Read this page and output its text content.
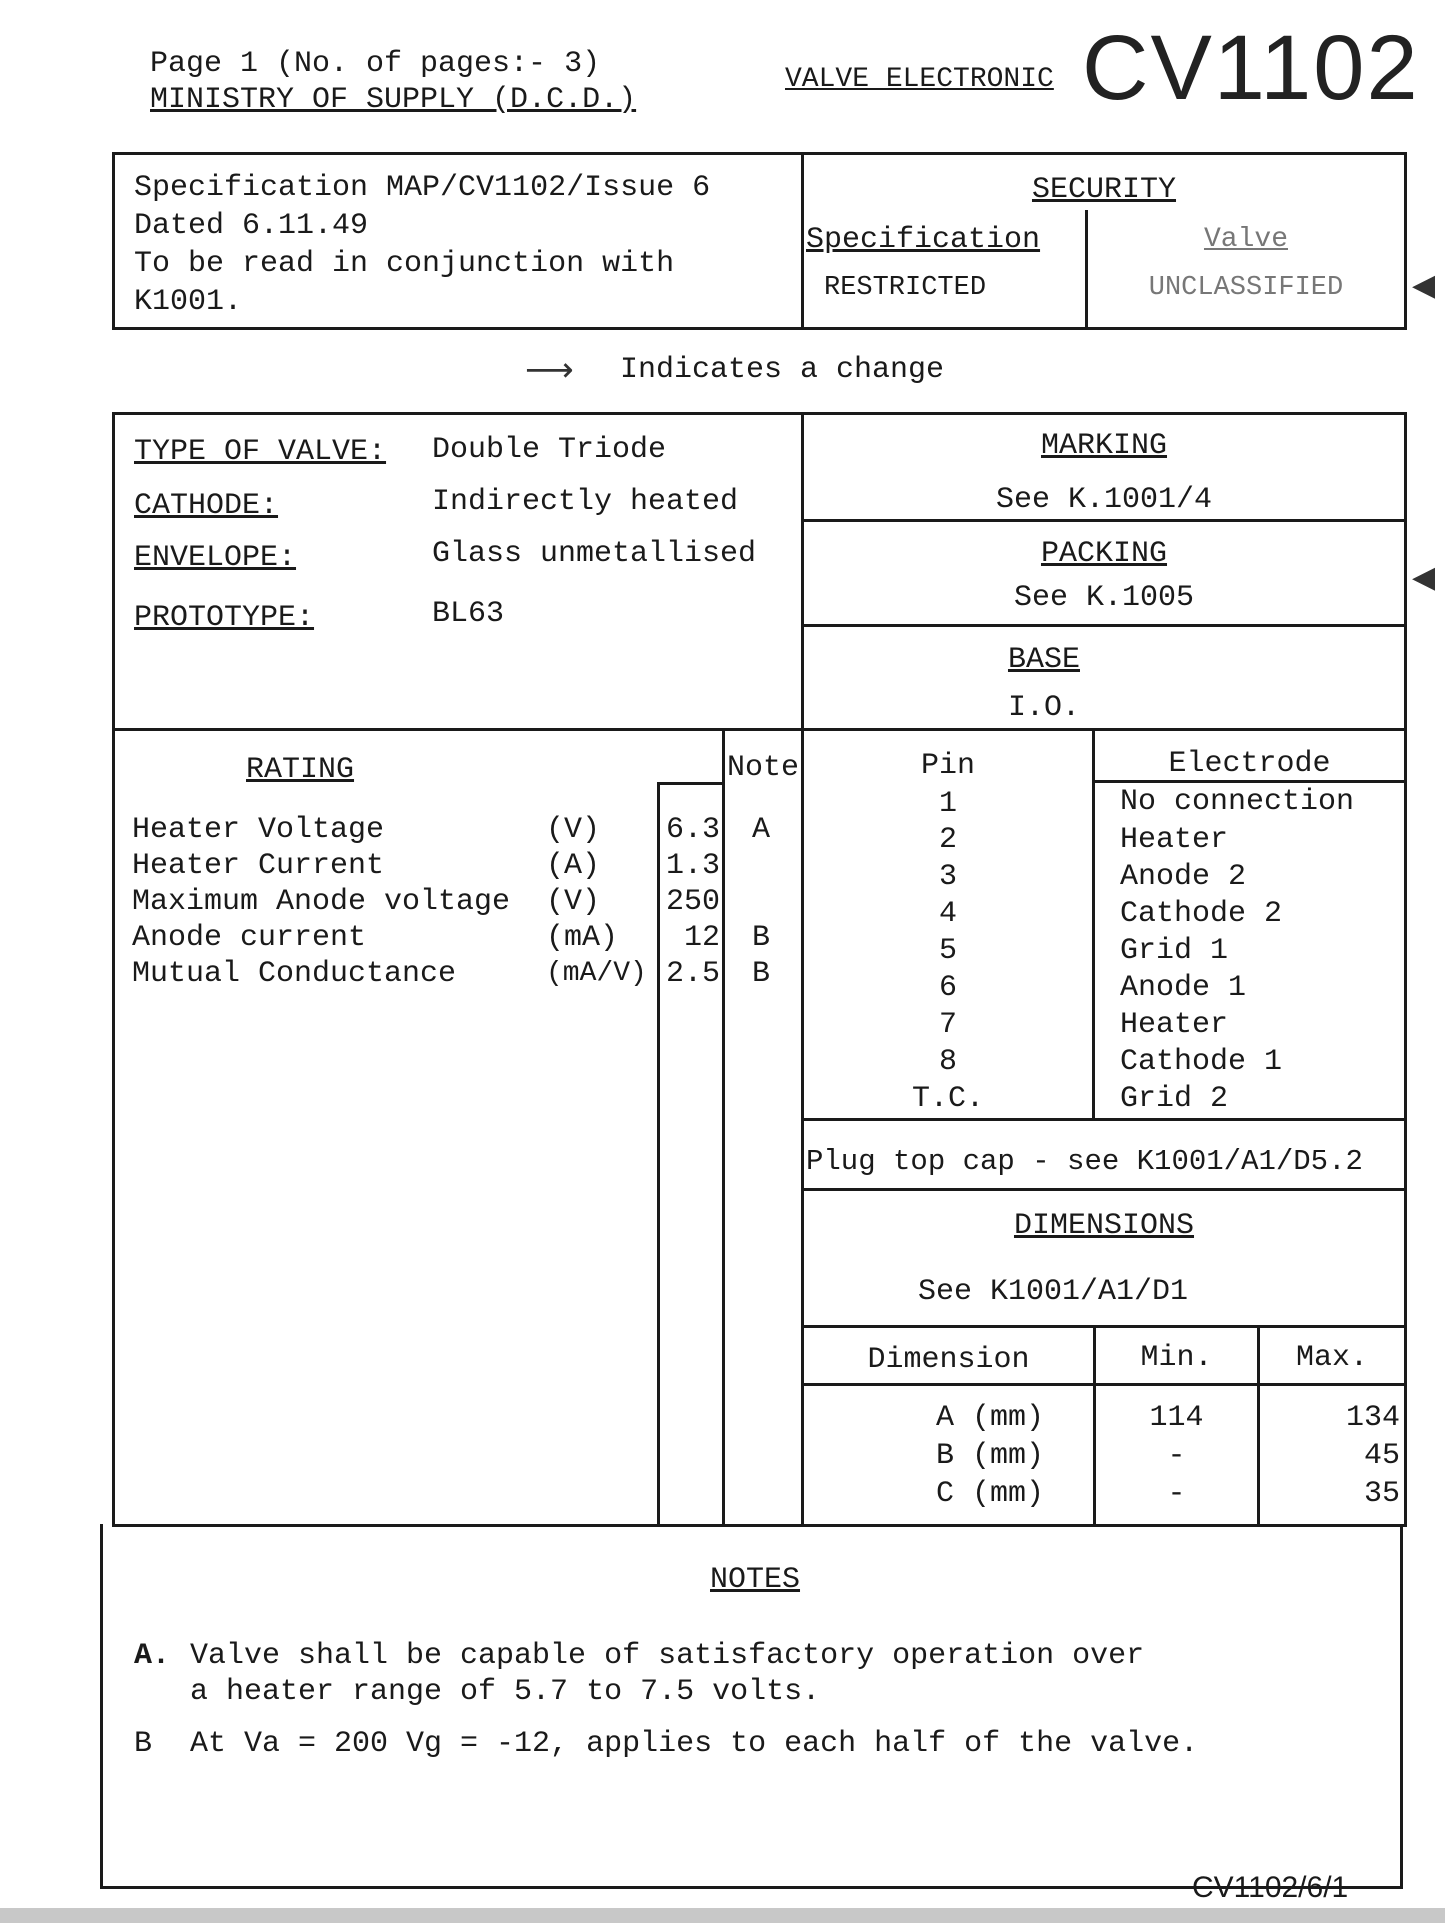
Page 1 (No. of pages:- 3)
MINISTRY OF SUPPLY (D.C.D.)
VALVE ELECTRONIC CV1102
Specification MAP/CV1102/Issue 6
Dated 6.11.49
To be read in conjunction with
K1001.
SECURITY
Specification
RESTRICTED
Valve
UNCLASSIFIED	◀
⟶ Indicates a change
TYPE OF VALVE: Double Triode
CATHODE:	Indirectly heated
ENVELOPE:	Glass unmetallised
PROTOTYPE:	BL63
MARKING
See K.1001/4
PACKING
See K.1005
◀
BASE
I.O.
RATING	Note
Heater Voltage	(V) 6.3	A
Heater Current	(A) 1.3
Maximum Anode voltage (V) 250
Anode current	(mA)	12	B
Mutual Conductance	(mA/V) 2.5	B
Pin	Electrode
1	No connection
2	Heater
3	Anode 2
4	Cathode 2
5	Grid 1
6	Anode 1
7	Heater
8	Cathode 1
T.C.	Grid 2
Plug top cap - see K1001/A1/D5.2
DIMENSIONS
See K1001/A1/D1
Dimension	Min.	Max.
A (mm)	114	134
B (mm)	-	45
C (mm)	-	35
NOTES
A. Valve shall be capable of satisfactory operation over
a heater range of 5.7 to 7.5 volts.
B At Va = 200 Vg = -12, applies to each half of the valve.
CV1102/6/1
